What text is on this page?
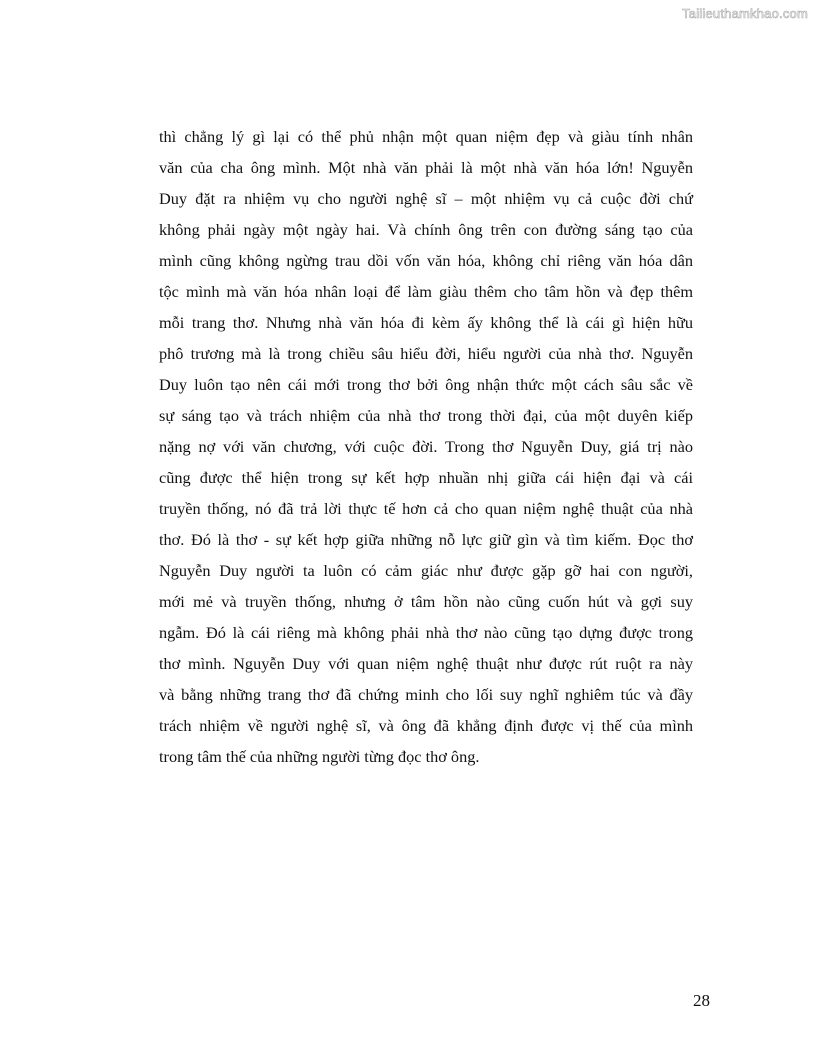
Tailieuthamkhao.com
thì chẳng lý gì lại có thể phủ nhận một quan niệm đẹp và giàu tính nhân
văn của cha ông mình. Một nhà văn phải là một nhà văn hóa lớn! Nguyễn
Duy đặt ra nhiệm vụ cho người nghệ sĩ – một nhiệm vụ cả cuộc đời chứ
không phải ngày một ngày hai. Và chính ông trên con đường sáng tạo của
mình cũng không ngừng trau dồi vốn văn hóa, không chỉ riêng văn hóa dân
tộc mình mà văn hóa nhân loại để làm giàu thêm cho tâm hồn và đẹp thêm
mỗi trang thơ. Nhưng nhà văn hóa đi kèm ấy không thể là cái gì hiện hữu
phô trương mà là trong chiều sâu hiểu đời, hiểu người của nhà thơ. Nguyễn
Duy luôn tạo nên cái mới trong thơ bởi ông nhận thức một cách sâu sắc về
sự sáng tạo và trách nhiệm của nhà thơ trong thời đại, của một duyên kiếp
nặng nợ với văn chương, với cuộc đời. Trong thơ Nguyễn Duy, giá trị nào
cũng được thể hiện trong sự kết hợp nhuần nhị giữa cái hiện đại và cái
truyền thống, nó đã trả lời thực tế hơn cả cho quan niệm nghệ thuật của nhà
thơ. Đó là thơ - sự kết hợp giữa những nỗ lực giữ gìn và tìm kiếm. Đọc thơ
Nguyễn Duy người ta luôn có cảm giác như được gặp gỡ hai con người,
mới mẻ và truyền thống, nhưng ở tâm hồn nào cũng cuốn hút và gợi suy
ngẫm. Đó là cái riêng mà không phải nhà thơ nào cũng tạo dựng được trong
thơ mình. Nguyễn Duy với quan niệm nghệ thuật như được rút ruột ra này
và bằng những trang thơ đã chứng minh cho lối suy nghĩ nghiêm túc và đầy
trách nhiệm về người nghệ sĩ, và ông đã khẳng định được vị thế của mình
trong tâm thế của những người từng đọc thơ ông.
28
